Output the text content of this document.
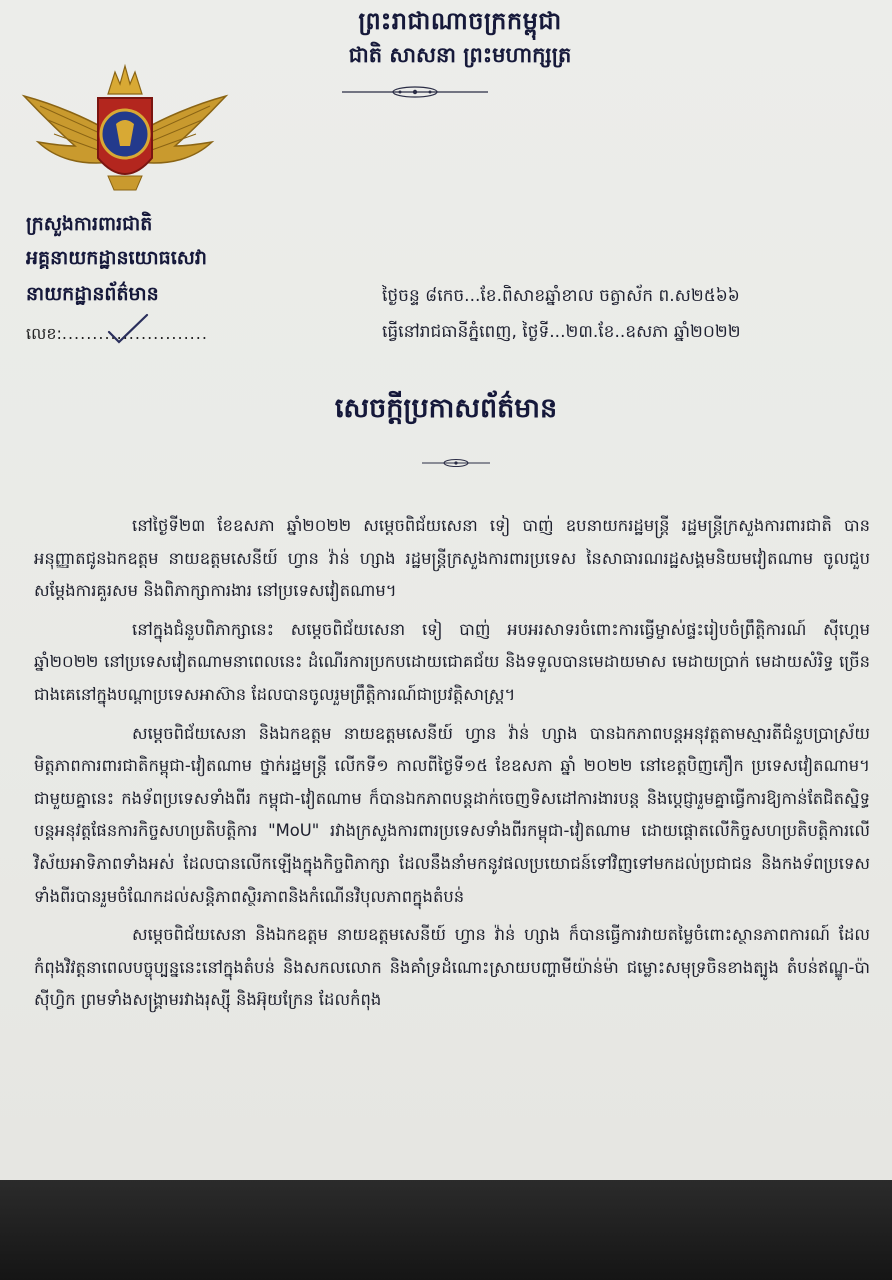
ព្រះរាជាណាចក្រកម្ពុជា
ជាតិ សាសនា ព្រះមហាក្សត្រ
ក្រសួងការពារជាតិ
អគ្គនាយកដ្ឋានយោធសេវា
នាយកដ្ឋានព័ត៌មាន
លេខ:........................
ថ្ងៃចន្ទ ៨កេច...ខែ.ពិសាខឆ្នាំខាល ចត្វាស័ក ព.ស២៥៦៦
ធ្វើនៅរាជធានីភ្នំពេញ, ថ្ងៃទី...២៣.ខែ..ឧសភា ឆ្នាំ២០២២
សេចក្តីប្រកាសព័ត៌មាន

នៅថ្ងៃទី២៣ ខែឧសភា ឆ្នាំ២០២២ សម្តេចពិជ័យសេនា ទៀ បាញ់ ឧបនាយករដ្ឋមន្ត្រី រដ្ឋមន្ត្រីក្រសួងការពារជាតិ បានអនុញ្ញាតជូនឯកឧត្តម នាយឧត្តមសេនីយ៍ ហ្វាន វ៉ាន់ ហ្សាង រដ្ឋមន្ត្រីក្រសួងការពារប្រទេស នៃសាធារណរដ្ឋសង្គមនិយមវៀតណាម ចូលជួបសម្តែងការគួរសម និងពិភាក្សាការងារ នៅប្រទេសវៀតណាម។

នៅក្នុងជំនួបពិភាក្សានេះ សម្តេចពិជ័យសេនា ទៀ បាញ់ អបអរសាទរចំពោះការធ្វើម្ចាស់ផ្ទះរៀបចំព្រឹត្តិការណ៍ ស៊ីហ្គេម ឆ្នាំ២០២២ នៅប្រទេសវៀតណាមនាពេលនេះ ដំណើរការប្រកបដោយជោគជ័យ និងទទួលបានមេដាយមាស មេដាយប្រាក់ មេដាយសំរិទ្ធ ច្រើនជាងគេនៅក្នុងបណ្តាប្រទេសអាស៊ាន ដែលបានចូលរួមព្រឹត្តិការណ៍ជាប្រវត្តិសាស្ត្រ។

សម្តេចពិជ័យសេនា និងឯកឧត្តម នាយឧត្តមសេនីយ៍ ហ្វាន វ៉ាន់ ហ្សាង បានឯកភាពបន្តអនុវត្តតាមស្មារតីជំនួបប្រាស្រ័យមិត្តភាពការពារជាតិកម្ពុជា-វៀតណាម ថ្នាក់រដ្ឋមន្ត្រី លើកទី១ កាលពីថ្ងៃទី១៥ ខែឧសភា ឆ្នាំ ២០២២ នៅខេត្តបិញភឿក ប្រទេសវៀតណាម។ ជាមួយគ្នានេះ កងទ័ពប្រទេសទាំងពីរ កម្ពុជា-វៀតណាម ក៏បានឯកភាពបន្តដាក់ចេញទិសដៅការងារបន្ត និងប្តេជ្ញារួមគ្នាធ្វើការឱ្យកាន់តែជិតស្និទ្ធ បន្តអនុវត្តផែនការកិច្ចសហប្រតិបត្តិការ "MoU" រវាងក្រសួងការពារប្រទេសទាំងពីរកម្ពុជា-វៀតណាម ដោយផ្តោតលើកិច្ចសហប្រតិបត្តិការលើវិស័យអាទិភាពទាំងអស់ ដែលបានលើកឡើងក្នុងកិច្ចពិភាក្សា ដែលនឹងនាំមកនូវផលប្រយោជន៍ទៅវិញទៅមកដល់ប្រជាជន និងកងទ័ពប្រទេសទាំងពីរបានរួមចំណែកដល់សន្តិភាពស្ថិរភាពនិងកំណើនវិបុលភាពក្នុងតំបន់

សម្តេចពិជ័យសេនា និងឯកឧត្តម នាយឧត្តមសេនីយ៍ ហ្វាន វ៉ាន់ ហ្សាង ក៏បានធ្វើការវាយតម្លៃចំពោះស្ថានភាពការណ៍ ដែលកំពុងវិវត្តនាពេលបច្ចុប្បន្ននេះនៅក្នុងតំបន់ និងសកលលោក និងគាំទ្រដំណោះស្រាយបញ្ហាមីយ៉ាន់ម៉ា ជម្លោះសមុទ្រចិនខាងត្បូង តំបន់ឥណ្ឌូ-ប៉ាស៊ីហ្វិក ព្រមទាំងសង្គ្រាមរវាងរុស្ស៊ី និងអ៊ុយក្រែន ដែលកំពុង
